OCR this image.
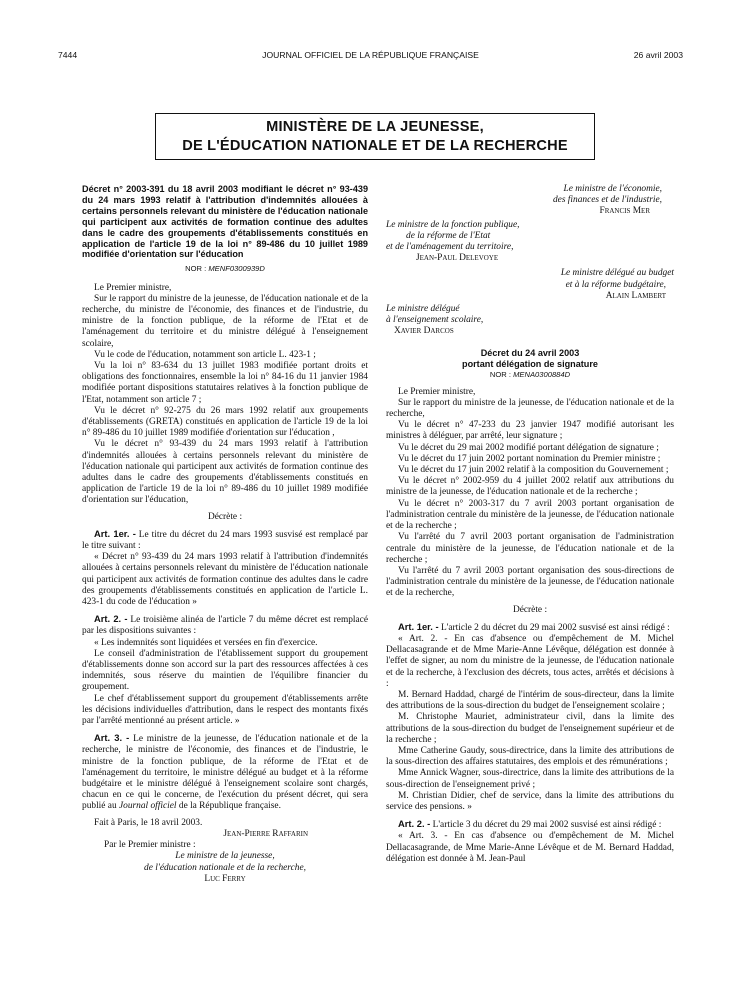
7444	JOURNAL OFFICIEL DE LA RÉPUBLIQUE FRANÇAISE	26 avril 2003
MINISTÈRE DE LA JEUNESSE,
DE L'ÉDUCATION NATIONALE ET DE LA RECHERCHE
Décret n° 2003-391 du 18 avril 2003 modifiant le décret n° 93-439 du 24 mars 1993 relatif à l'attribution d'indemnités allouées à certains personnels relevant du ministère de l'éducation nationale qui participent aux activités de formation continue des adultes dans le cadre des groupements d'établissements constitués en application de l'article 19 de la loi n° 89-486 du 10 juillet 1989 modifiée d'orientation sur l'éducation
NOR : MENF0300939D

Le Premier ministre,

Sur le rapport du ministre de la jeunesse, de l'éducation nationale et de la recherche, du ministre de l'économie, des finances et de l'industrie, du ministre de la fonction publique, de la réforme de l'Etat et de l'aménagement du territoire et du ministre délégué à l'enseignement scolaire,

Vu le code de l'éducation, notamment son article L. 423-1 ;

Vu la loi n° 83-634 du 13 juillet 1983 modifiée portant droits et obligations des fonctionnaires, ensemble la loi n° 84-16 du 11 janvier 1984 modifiée portant dispositions statutaires relatives à la fonction publique de l'Etat, notamment son article 7 ;

Vu le décret n° 92-275 du 26 mars 1992 relatif aux groupements d'établissements (GRETA) constitués en application de l'article 19 de la loi n° 89-486 du 10 juillet 1989 modifiée d'orientation sur l'éducation ,

Vu le décret n° 93-439 du 24 mars 1993 relatif à l'attribution d'indemnités allouées à certains personnels relevant du ministère de l'éducation nationale qui participent aux activités de formation continue des adultes dans le cadre des groupements d'établissements constitués en application de l'article 19 de la loi n° 89-486 du 10 juillet 1989 modifiée d'orientation sur l'éducation,

Décrète :

Art. 1er. - Le titre du décret du 24 mars 1993 susvisé est remplacé par le titre suivant :

« Décret n° 93-439 du 24 mars 1993 relatif à l'attribution d'indemnités allouées à certains personnels relevant du ministère de l'éducation nationale qui participent aux activités de formation continue des adultes dans le cadre des groupements d'établissements constitués en application de l'article L. 423-1 du code de l'éducation »

Art. 2. - Le troisième alinéa de l'article 7 du même décret est remplacé par les dispositions suivantes :

« Les indemnités sont liquidées et versées en fin d'exercice.

Le conseil d'administration de l'établissement support du groupement d'établissements donne son accord sur la part des ressources affectées à ces indemnités, sous réserve du maintien de l'équilibre financier du groupement.

Le chef d'établissement support du groupement d'établissements arrête les décisions individuelles d'attribution, dans le respect des montants fixés par l'arrêté mentionné au présent article. »

Art. 3. - Le ministre de la jeunesse, de l'éducation nationale et de la recherche, le ministre de l'économie, des finances et de l'industrie, le ministre de la fonction publique, de la réforme de l'Etat et de l'aménagement du territoire, le ministre délégué au budget et à la réforme budgétaire et le ministre délégué à l'enseignement scolaire sont chargés, chacun en ce qui le concerne, de l'exécution du présent décret, qui sera publié au Journal officiel de la République française.

Fait à Paris, le 18 avril 2003.

Jean-Pierre Raffarin

Par le Premier ministre :

Le ministre de la jeunesse,
de l'éducation nationale et de la recherche,
Luc Ferry
Le ministre de l'économie,
des finances et de l'industrie,
Francis Mer
Le ministre de la fonction publique,
de la réforme de l'Etat
et de l'aménagement du territoire,
Jean-Paul Delevoye
Le ministre délégué au budget
et à la réforme budgétaire,
Alain Lambert
Le ministre délégué
à l'enseignement scolaire,
Xavier Darcos
Décret du 24 avril 2003
portant délégation de signature
NOR : MENA0300884D

Le Premier ministre,

Sur le rapport du ministre de la jeunesse, de l'éducation nationale et de la recherche,

Vu le décret n° 47-233 du 23 janvier 1947 modifié autorisant les ministres à déléguer, par arrêté, leur signature ;

Vu le décret du 29 mai 2002 modifié portant délégation de signature ;

Vu le décret du 17 juin 2002 portant nomination du Premier ministre ;

Vu le décret du 17 juin 2002 relatif à la composition du Gouvernement ;

Vu le décret n° 2002-959 du 4 juillet 2002 relatif aux attributions du ministre de la jeunesse, de l'éducation nationale et de la recherche ;

Vu le décret n° 2003-317 du 7 avril 2003 portant organisation de l'administration centrale du ministère de la jeunesse, de l'éducation nationale et de la recherche ;

Vu l'arrêté du 7 avril 2003 portant organisation de l'administration centrale du ministère de la jeunesse, de l'éducation nationale et de la recherche ;

Vu l'arrêté du 7 avril 2003 portant organisation des sous-directions de l'administration centrale du ministère de la jeunesse, de l'éducation nationale et de la recherche,

Décrète :

Art. 1er. - L'article 2 du décret du 29 mai 2002 susvisé est ainsi rédigé :

« Art. 2. - En cas d'absence ou d'empêchement de M. Michel Dellacasagrande et de Mme Marie-Anne Lévêque, délégation est donnée à l'effet de signer, au nom du ministre de la jeunesse, de l'éducation nationale et de la recherche, à l'exclusion des décrets, tous actes, arrêtés et décisions à :

M. Bernard Haddad, chargé de l'intérim de sous-directeur, dans la limite des attributions de la sous-direction du budget de l'enseignement scolaire ;

M. Christophe Mauriet, administrateur civil, dans la limite des attributions de la sous-direction du budget de l'enseignement supérieur et de la recherche ;

Mme Catherine Gaudy, sous-directrice, dans la limite des attributions de la sous-direction des affaires statutaires, des emplois et des rémunérations ;

Mme Annick Wagner, sous-directrice, dans la limite des attributions de la sous-direction de l'enseignement privé ;

M. Christian Didier, chef de service, dans la limite des attributions du service des pensions. »

Art. 2. - L'article 3 du décret du 29 mai 2002 susvisé est ainsi rédigé :

« Art. 3. - En cas d'absence ou d'empêchement de M. Michel Dellacasagrande, de Mme Marie-Anne Lévêque et de M. Bernard Haddad, délégation est donnée à M. Jean-Paul
